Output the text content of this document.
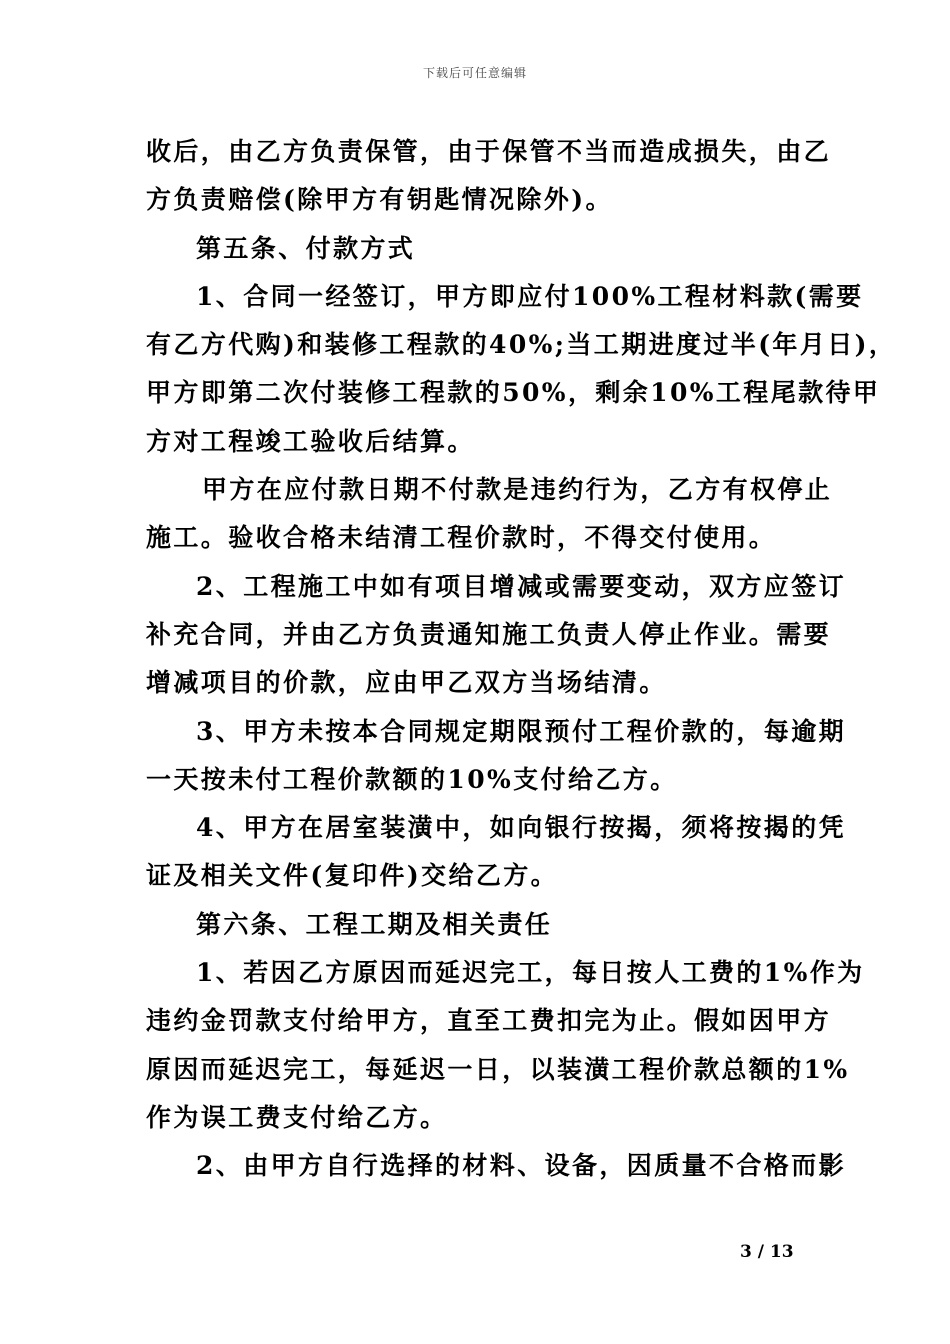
下载后可任意编辑
收后，由乙方负责保管，由于保管不当而造成损失，由乙
方负责赔偿(除甲方有钥匙情况除外)。
第五条、付款方式
1、合同一经签订，甲方即应付100%工程材料款(需要
有乙方代购)和装修工程款的40%;当工期进度过半(年月日)，
甲方即第二次付装修工程款的50%，剩余10%工程尾款待甲
方对工程竣工验收后结算。
甲方在应付款日期不付款是违约行为，乙方有权停止
施工。验收合格未结清工程价款时，不得交付使用。
2、工程施工中如有项目增减或需要变动，双方应签订
补充合同，并由乙方负责通知施工负责人停止作业。需要
增减项目的价款，应由甲乙双方当场结清。
3、甲方未按本合同规定期限预付工程价款的，每逾期
一天按未付工程价款额的10%支付给乙方。
4、甲方在居室装潢中，如向银行按揭，须将按揭的凭
证及相关文件(复印件)交给乙方。
第六条、工程工期及相关责任
1、若因乙方原因而延迟完工，每日按人工费的1%作为
违约金罚款支付给甲方，直至工费扣完为止。假如因甲方
原因而延迟完工，每延迟一日，以装潢工程价款总额的1%
作为误工费支付给乙方。
2、由甲方自行选择的材料、设备，因质量不合格而影
3 / 13
